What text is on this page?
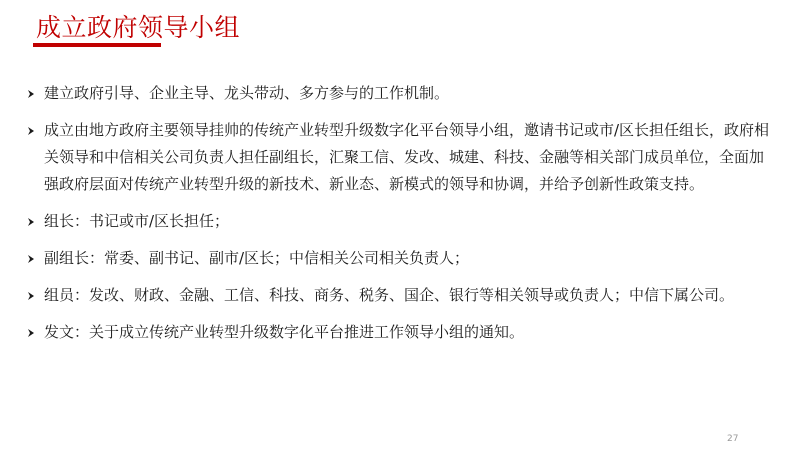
成立政府领导小组
建立政府引导、企业主导、龙头带动、多方参与的工作机制。
成立由地方政府主要领导挂帅的传统产业转型升级数字化平台领导小组，邀请书记或市/区长担任组长，政府相关领导和中信相关公司负责人担任副组长，汇聚工信、发改、城建、科技、金融等相关部门成员单位，全面加强政府层面对传统产业转型升级的新技术、新业态、新模式的领导和协调，并给予创新性政策支持。
组长：书记或市/区长担任；
副组长：常委、副书记、副市/区长；中信相关公司相关负责人；
组员：发改、财政、金融、工信、科技、商务、税务、国企、银行等相关领导或负责人；中信下属公司。
发文：关于成立传统产业转型升级数字化平台推进工作领导小组的通知。
27
